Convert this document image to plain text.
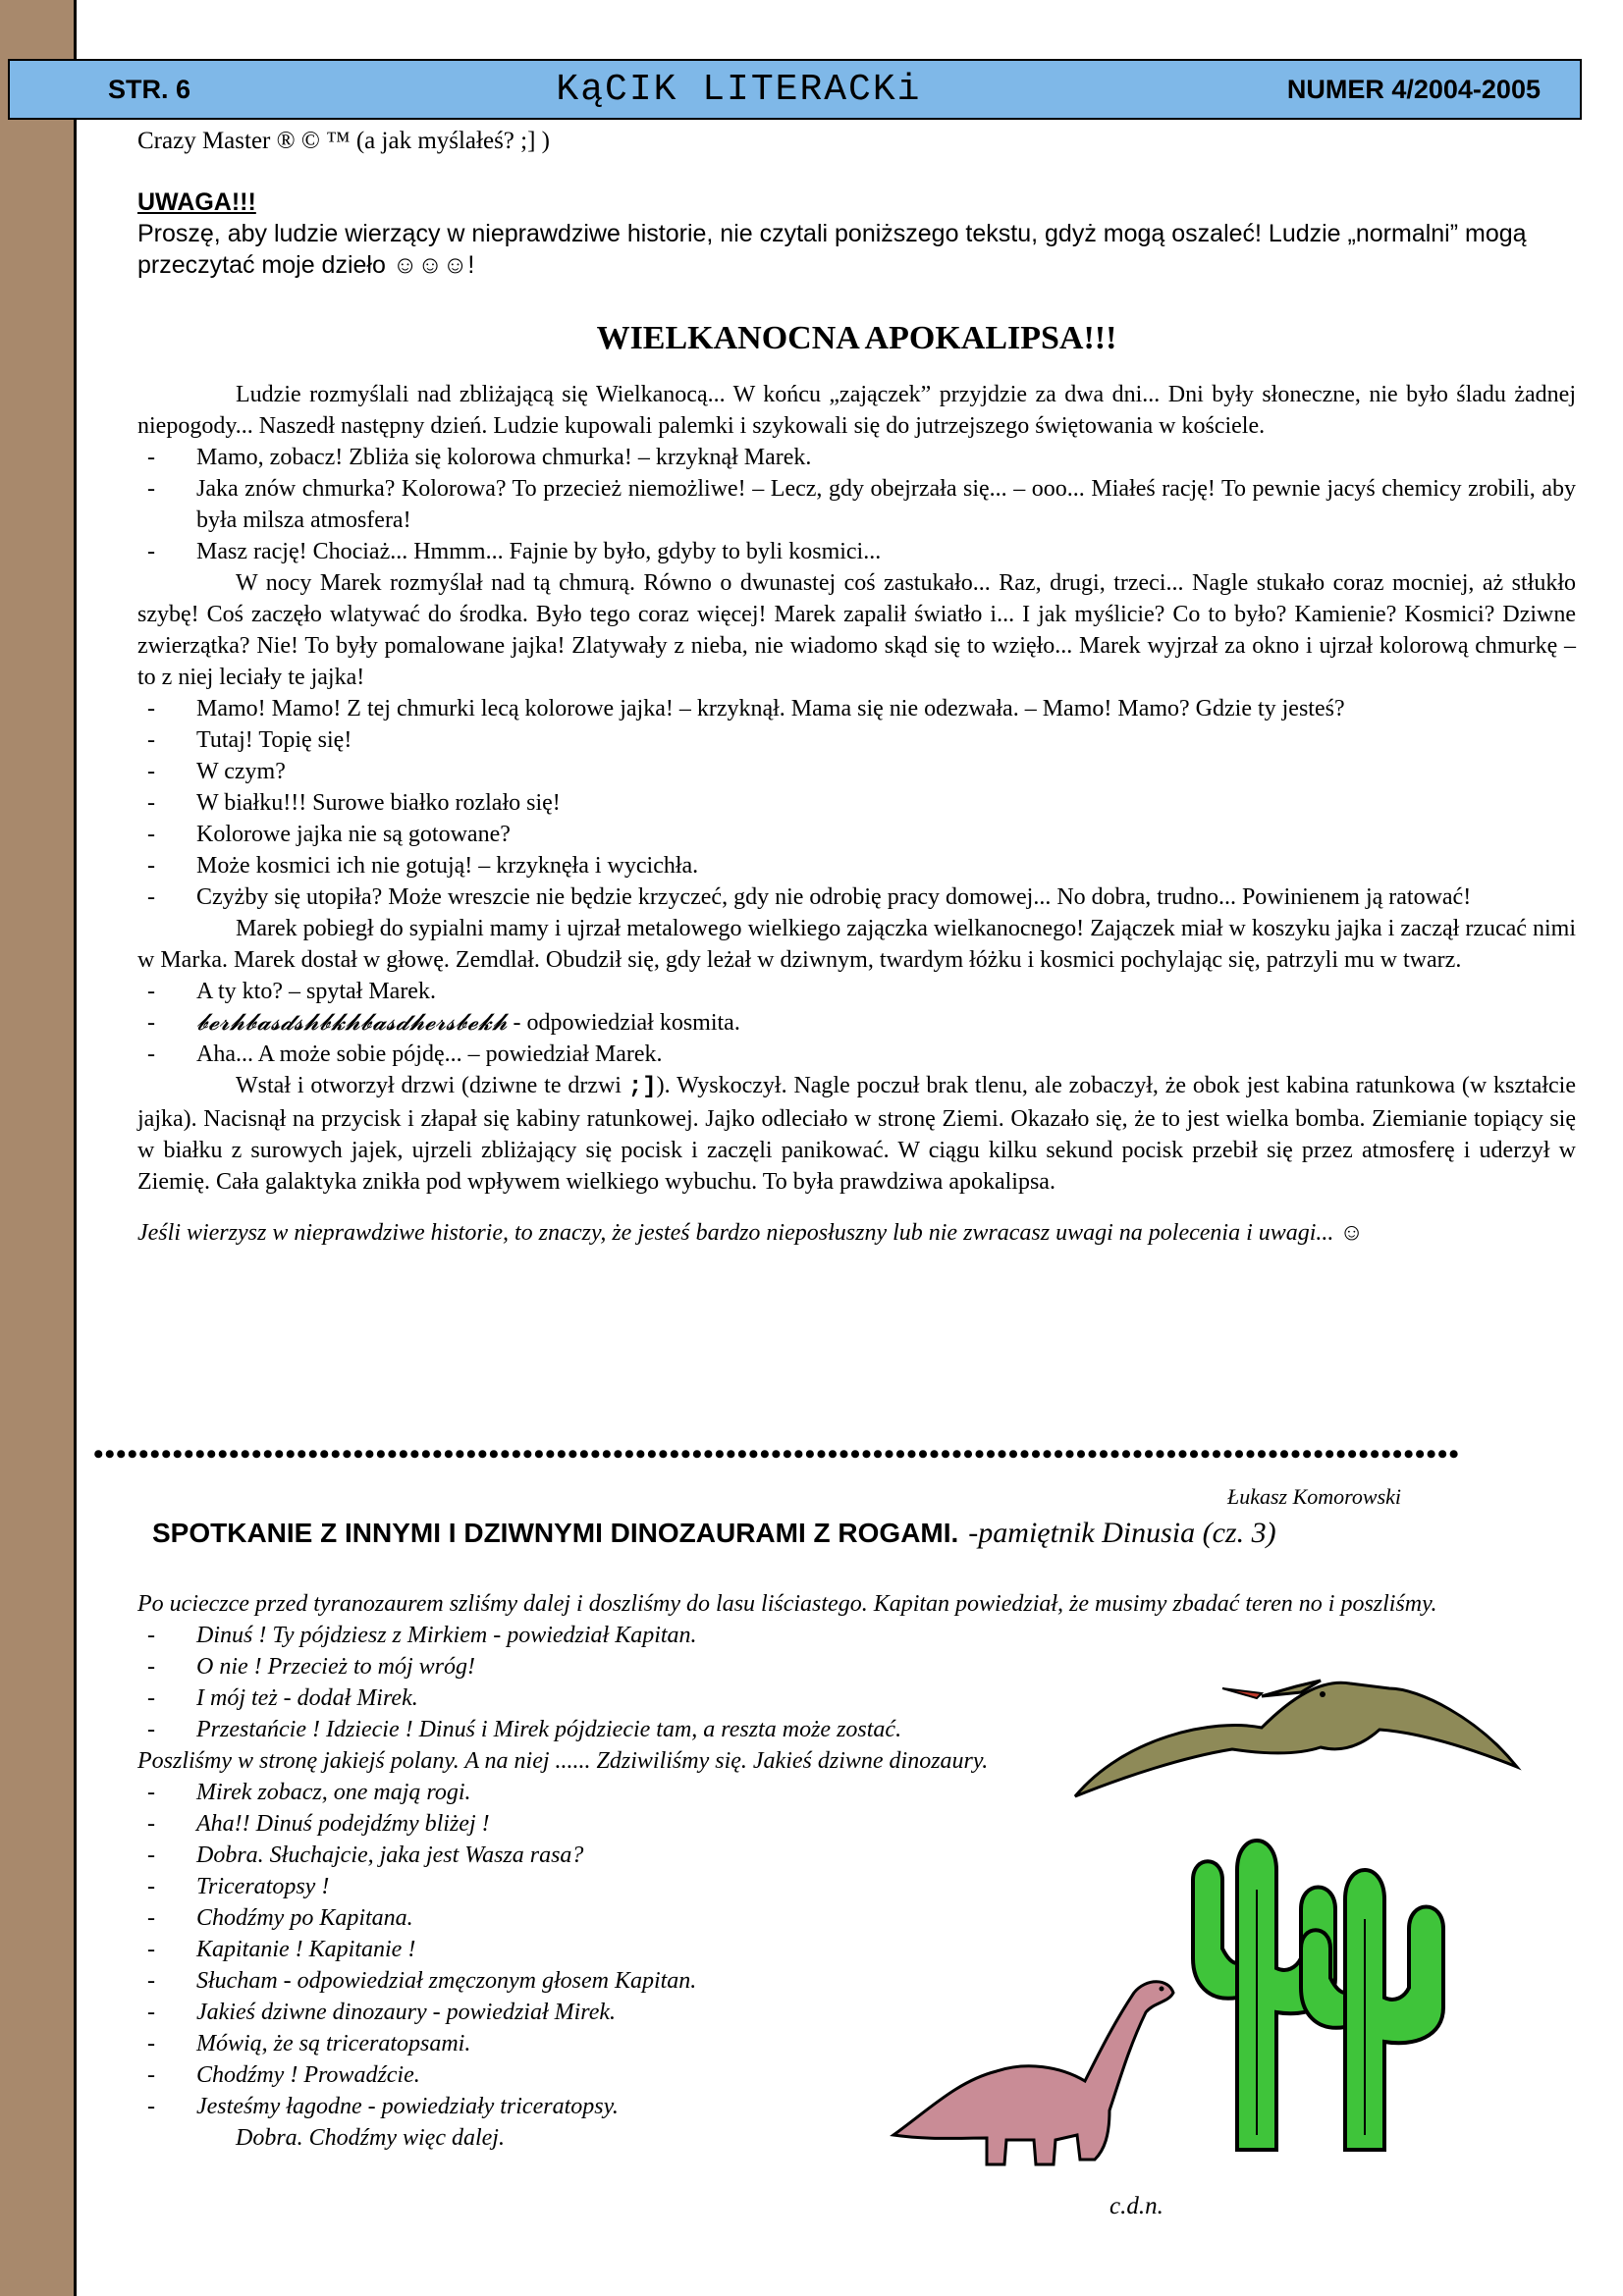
STR. 6	KąCIK LITERACKi	NUMER 4/2004-2005

Crazy Master ® © ™ (a jak myślałeś? ;] )

UWAGA!!!

Proszę, aby ludzie wierzący w nieprawdziwe historie, nie czytali poniższego tekstu, gdyż mogą oszaleć! Ludzie „normalni” mogą przeczytać moje dzieło ☺☺☺!

WIELKANOCNA APOKALIPSA!!!

Ludzie rozmyślali nad zbliżającą się Wielkanocą... W końcu „zajączek” przyjdzie za dwa dni... Dni były słoneczne, nie było śladu żadnej niepogody... Naszedł następny dzień. Ludzie kupowali palemki i szykowali się do jutrzejszego świętowania w kościele.

-	Mamo, zobacz! Zbliża się kolorowa chmurka! – krzyknął Marek.
-	Jaka znów chmurka? Kolorowa? To przecież niemożliwe! – Lecz, gdy obejrzała się... – ooo... Miałeś rację! To pewnie jacyś chemicy zrobili, aby była milsza atmosfera!
-	Masz rację! Chociaż... Hmmm... Fajnie by było, gdyby to byli kosmici...

W nocy Marek rozmyślał nad tą chmurą. Równo o dwunastej coś zastukało... Raz, drugi, trzeci... Nagle stukało coraz mocniej, aż stłukło szybę! Coś zaczęło wlatywać do środka. Było tego coraz więcej! Marek zapalił światło i... I jak myślicie? Co to było? Kamienie? Kosmici? Dziwne zwierzątka? Nie! To były pomalowane jajka! Zlatywały z nieba, nie wiadomo skąd się to wzięło... Marek wyjrzał za okno i ujrzał kolorową chmurkę – to z niej leciały te jajka!

-	Mamo! Mamo! Z tej chmurki lecą kolorowe jajka! – krzyknął. Mama się nie odezwała. – Mamo! Mamo? Gdzie ty jesteś?
-	Tutaj! Topię się!
-	W czym?
-	W białku!!! Surowe białko rozlało się!
-	Kolorowe jajka nie są gotowane?
-	Może kosmici ich nie gotują! – krzyknęła i wycichła.
-	Czyżby się utopiła? Może wreszcie nie będzie krzyczeć, gdy nie odrobię pracy domowej... No dobra, trudno... Powinienem ją ratować!

Marek pobiegł do sypialni mamy i ujrzał metalowego wielkiego zajączka wielkanocnego! Zajączek miał w koszyku jajka i zaczął rzucać nimi w Marka. Marek dostał w głowę. Zemdlał. Obudził się, gdy leżał w dziwnym, twardym łóżku i kosmici pochylając się, patrzyli mu w twarz.

-	A ty kto? – spytał Marek.
-	𝓫𝓮𝓻𝓱𝓫𝓪𝓼𝓭𝓼𝓱𝓫𝓴𝓱𝓫𝓪𝓼𝓭𝓱𝓮𝓻𝓼𝓫𝓮𝓴𝓱 - odpowiedział kosmita.
-	Aha... A może sobie pójdę... – powiedział Marek.

Wstał i otworzył drzwi (dziwne te drzwi ;]). Wyskoczył. Nagle poczuł brak tlenu, ale zobaczył, że obok jest kabina ratunkowa (w kształcie jajka). Nacisnął na przycisk i złapał się kabiny ratunkowej. Jajko odleciało w stronę Ziemi. Okazało się, że to jest wielka bomba. Ziemianie topiący się w białku z surowych jajek, ujrzeli zbliżający się pocisk i zaczęli panikować. W ciągu kilku sekund pocisk przebił się przez atmosferę i uderzył w Ziemię. Cała galaktyka znikła pod wpływem wielkiego wybuchu. To była prawdziwa apokalipsa.

Jeśli wierzysz w nieprawdziwe historie, to znaczy, że jesteś bardzo nieposłuszny lub nie zwracasz uwagi na polecenia i uwagi... ☺

•••••••••••••••••••••••••••••••••••••••••••••••••••••••••••••••••••••••••••••••••••••••••••••••••••••••••••••••••••••••••
Łukasz Komorowski
SPOTKANIE Z INNYMI I DZIWNYMI DINOZAURAMI Z ROGAMI. -pamiętnik Dinusia (cz. 3)

Po ucieczce przed tyranozaurem szliśmy dalej i doszliśmy do lasu liściastego. Kapitan powiedział, że musimy zbadać teren no i poszliśmy.

-	Dinuś ! Ty pójdziesz z Mirkiem - powiedział Kapitan.
-	O nie ! Przecież to mój wróg!
-	I mój też - dodał Mirek.
-	Przestańcie ! Idziecie ! Dinuś i Mirek pójdziecie tam, a reszta może zostać.

Poszliśmy w stronę jakiejś polany. A na niej ...... Zdziwiliśmy się. Jakieś dziwne dinozaury.

-	Mirek zobacz, one mają rogi.
-	Aha!! Dinuś podejdźmy bliżej !
-	Dobra. Słuchajcie, jaka jest Wasza rasa?
-	Triceratopsy !
-	Chodźmy po Kapitana.
-	Kapitanie ! Kapitanie !
-	Słucham - odpowiedział zmęczonym głosem Kapitan.
-	Jakieś dziwne dinozaury - powiedział Mirek.
-	Mówią, że są triceratopsami.
-	Chodźmy ! Prowadźcie.
-	Jesteśmy łagodne - powiedziały triceratopsy.

Dobra. Chodźmy więc dalej.

c.d.n.
